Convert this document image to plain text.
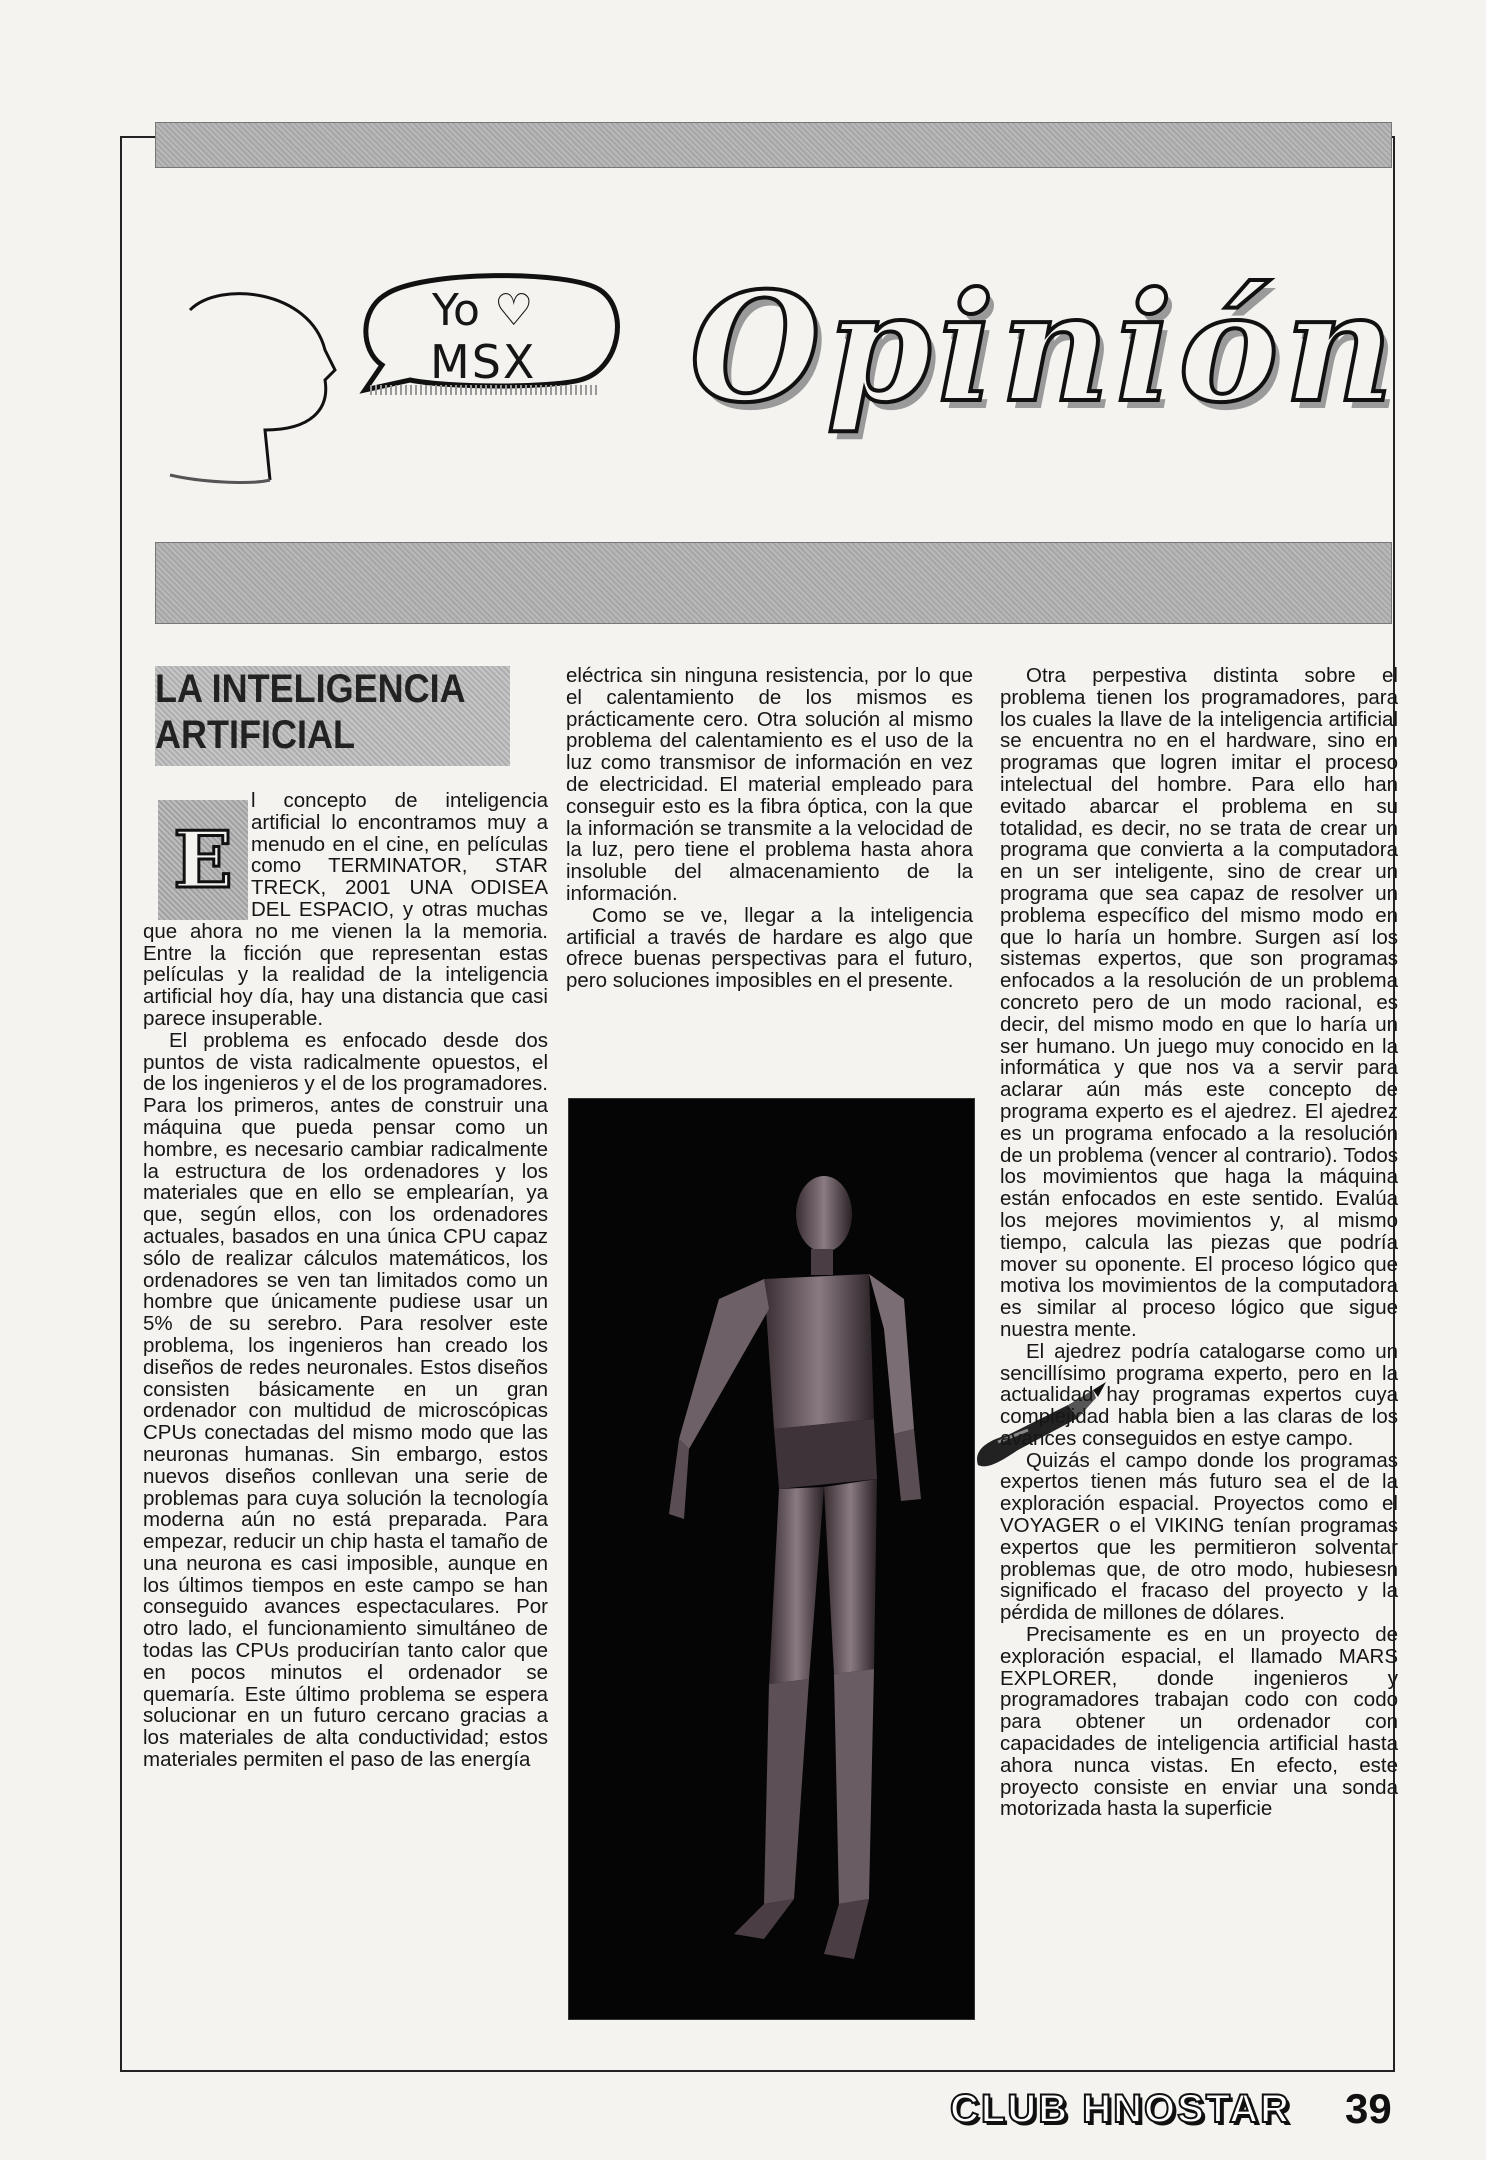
Yo ♡
MSX Opinión
LA INTELIGENCIA
ARTIFICIAL
E

l concepto de inteligencia artificial lo encontramos muy a menudo en el cine, en películas como TERMINATOR, STAR TRECK, 2001 UNA ODISEA DEL ESPACIO, y otras muchas que ahora no me vienen la la memoria. Entre la ficción que representan estas películas y la realidad de la inteligencia artificial hoy día, hay una distancia que casi parece insuperable.

El problema es enfocado desde dos puntos de vista radicalmente opuestos, el de los ingenieros y el de los programadores. Para los primeros, antes de construir una máquina que pueda pensar como un hombre, es necesario cambiar radicalmente la estructura de los ordenadores y los materiales que en ello se emplearían, ya que, según ellos, con los ordenadores actuales, basados en una única CPU capaz sólo de realizar cálculos matemáticos, los ordenadores se ven tan limitados como un hombre que únicamente pudiese usar un 5% de su serebro. Para resolver este problema, los ingenieros han creado los diseños de redes neuronales. Estos diseños consisten básicamente en un gran ordenador con multidud de microscópicas CPUs conectadas del mismo modo que las neuronas humanas. Sin embargo, estos nuevos diseños conllevan una serie de problemas para cuya solución la tecnología moderna aún no está preparada. Para empezar, reducir un chip hasta el tamaño de una neurona es casi imposible, aunque en los últimos tiempos en este campo se han conseguido avances espectaculares. Por otro lado, el funcionamiento simultáneo de todas las CPUs producirían tanto calor que en pocos minutos el ordenador se quemaría. Este último problema se espera solucionar en un futuro cercano gracias a los materiales de alta conductividad; estos materiales permiten el paso de las energía

eléctrica sin ninguna resistencia, por lo que el calentamiento de los mismos es prácticamente cero. Otra solución al mismo problema del calentamiento es el uso de la luz como transmisor de información en vez de electricidad. El material empleado para conseguir esto es la fibra óptica, con la que la información se transmite a la velocidad de la luz, pero tiene el problema hasta ahora insoluble del almacenamiento de la información.

Como se ve, llegar a la inteligencia artificial a través de hardare es algo que ofrece buenas perspectivas para el futuro, pero soluciones imposibles en el presente.

Otra perpestiva distinta sobre el problema tienen los programadores, para los cuales la llave de la inteligencia artificial se encuentra no en el hardware, sino en programas que logren imitar el proceso intelectual del hombre. Para ello han evitado abarcar el problema en su totalidad, es decir, no se trata de crear un programa que convierta a la computadora en un ser inteligente, sino de crear un programa que sea capaz de resolver un problema específico del mismo modo en que lo haría un hombre. Surgen así los sistemas expertos, que son programas enfocados a la resolución de un problema concreto pero de un modo racional, es decir, del mismo modo en que lo haría un ser humano. Un juego muy conocido en la informática y que nos va a servir para aclarar aún más este concepto de programa experto es el ajedrez. El ajedrez es un programa enfocado a la resolución de un problema (vencer al contrario). Todos los movimientos que haga la máquina están enfocados en este sentido. Evalúa los mejores movimientos y, al mismo tiempo, calcula las piezas que podría mover su oponente. El proceso lógico que motiva los movimientos de la computadora es similar al proceso lógico que sigue nuestra mente.

El ajedrez podría catalogarse como un sencillísimo programa experto, pero en la actualidad hay programas expertos cuya complejidad habla bien a las claras de los avances conseguidos en estye campo.

Quizás el campo donde los programas expertos tienen más futuro sea el de la exploración espacial. Proyectos como el VOYAGER o el VIKING tenían programas expertos que les permitieron solventar problemas que, de otro modo, hubiesesn significado el fracaso del proyecto y la pérdida de millones de dólares.

Precisamente es en un proyecto de exploración espacial, el llamado MARS EXPLORER, donde ingenieros y programadores trabajan codo con codo para obtener un ordenador con capacidades de inteligencia artificial hasta ahora nunca vistas. En efecto, este proyecto consiste en enviar una sonda motorizada hasta la superficie

CLUB HNOSTAR	39
